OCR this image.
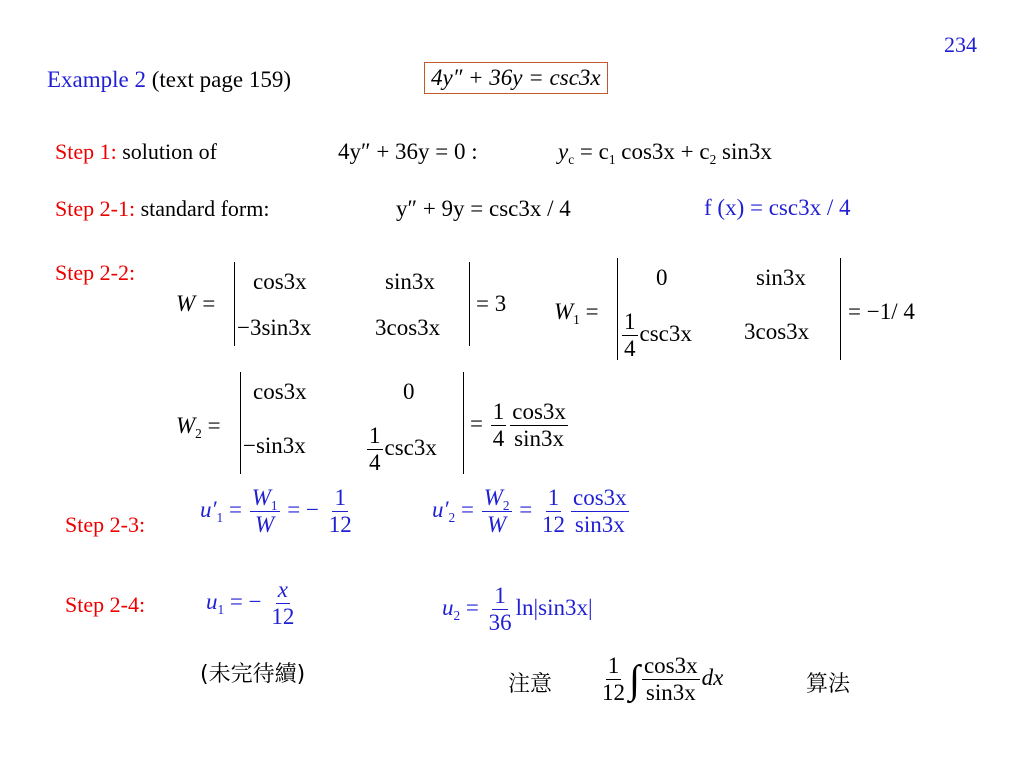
234
Example 2 (text page 159)	4y″ + 36y = csc3x
Step 1: solution of	4y″ + 36y = 0 :	$y_c = c_1$ $\cos 3x + c_2$ sin3x
Step 2-1: standard form:	y″ + 9y = csc3x / 4	f (x) = csc3x / 4
Step 2-2:
W =
cos3x	sin3x
−3sin3x	3cos3x
= 3 $W_1$ =
0	sin3x
$\frac{1}{4} \csc 3x$ 3cos3x
= −1/ 4
$W_2$ =
cos3x	0
−sin3x	$\frac{1}{4} \csc 3x$
= $\frac{1}{4} \frac{\cos 3x}{\sin 3x}$
Step 2-3:
$u'_1 = \frac{W_1}{W}$ = − $\frac{1}{12}$	$u'_2 = \frac{W_2}{W} = \frac{1}{12} \frac{\cos 3x}{\sin 3x}$
Step 2-4:	$u_1$ = − $\frac{x}{12}$	$u_2 = \frac{1}{36} \ln|\sin 3x|$
(未完待續)	注意 $\frac{1}{12}$ ∫ $\frac{\cos 3x}{\sin 3x}$ dx	算法
